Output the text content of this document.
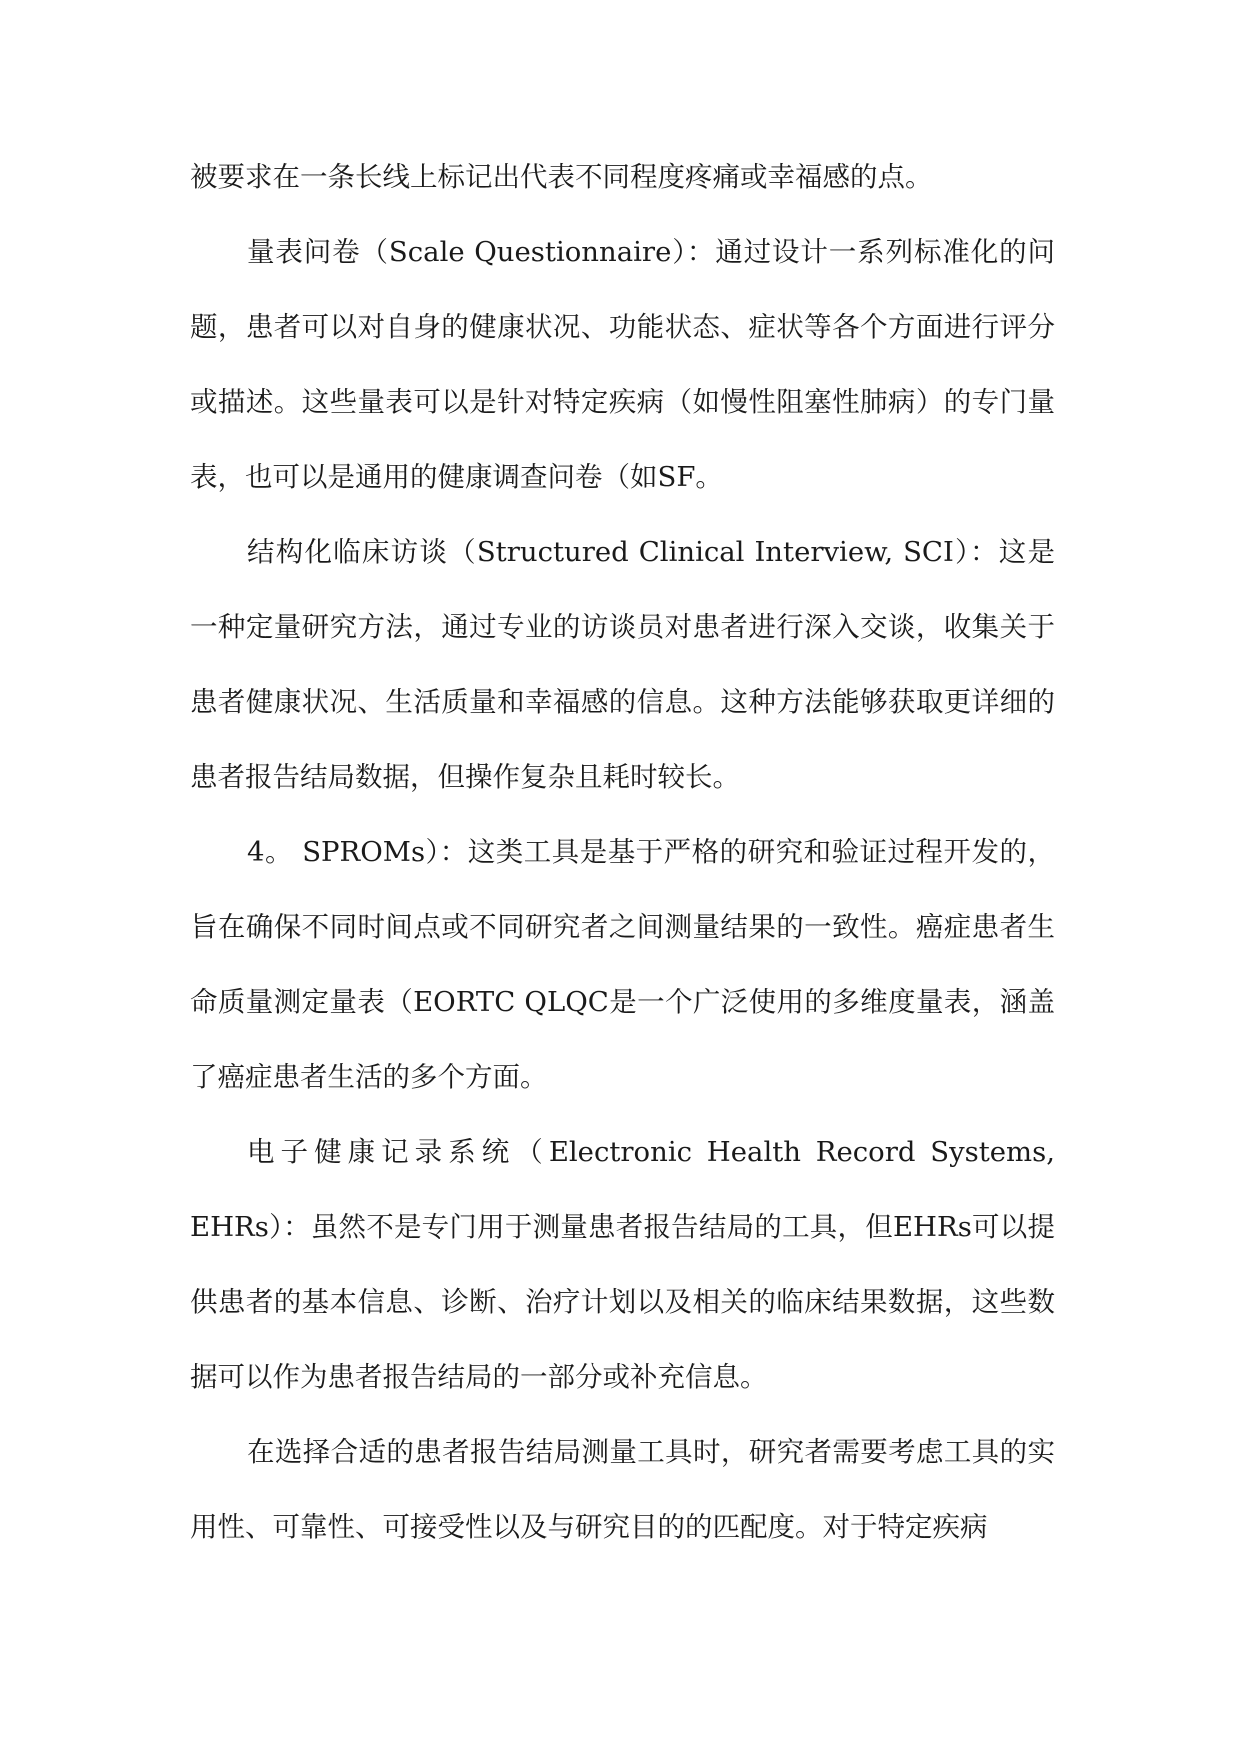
被要求在一条长线上标记出代表不同程度疼痛或幸福感的点。

量表问卷（Scale Questionnaire）：通过设计一系列标准化的问题，患者可以对自身的健康状况、功能状态、症状等各个方面进行评分或描述。这些量表可以是针对特定疾病（如慢性阻塞性肺病）的专门量表，也可以是通用的健康调查问卷（如SF。

结构化临床访谈（Structured Clinical Interview, SCI）：这是一种定量研究方法，通过专业的访谈员对患者进行深入交谈，收集关于患者健康状况、生活质量和幸福感的信息。这种方法能够获取更详细的患者报告结局数据，但操作复杂且耗时较长。

4。 SPROMs）：这类工具是基于严格的研究和验证过程开发的，旨在确保不同时间点或不同研究者之间测量结果的一致性。癌症患者生命质量测定量表（EORTC QLQC是一个广泛使用的多维度量表，涵盖了癌症患者生活的多个方面。

电子健康记录系统（Electronic Health Record Systems, EHRs）：虽然不是专门用于测量患者报告结局的工具，但EHRs可以提供患者的基本信息、诊断、治疗计划以及相关的临床结果数据，这些数据可以作为患者报告结局的一部分或补充信息。

在选择合适的患者报告结局测量工具时，研究者需要考虑工具的实用性、可靠性、可接受性以及与研究目的的匹配度。对于特定疾病
